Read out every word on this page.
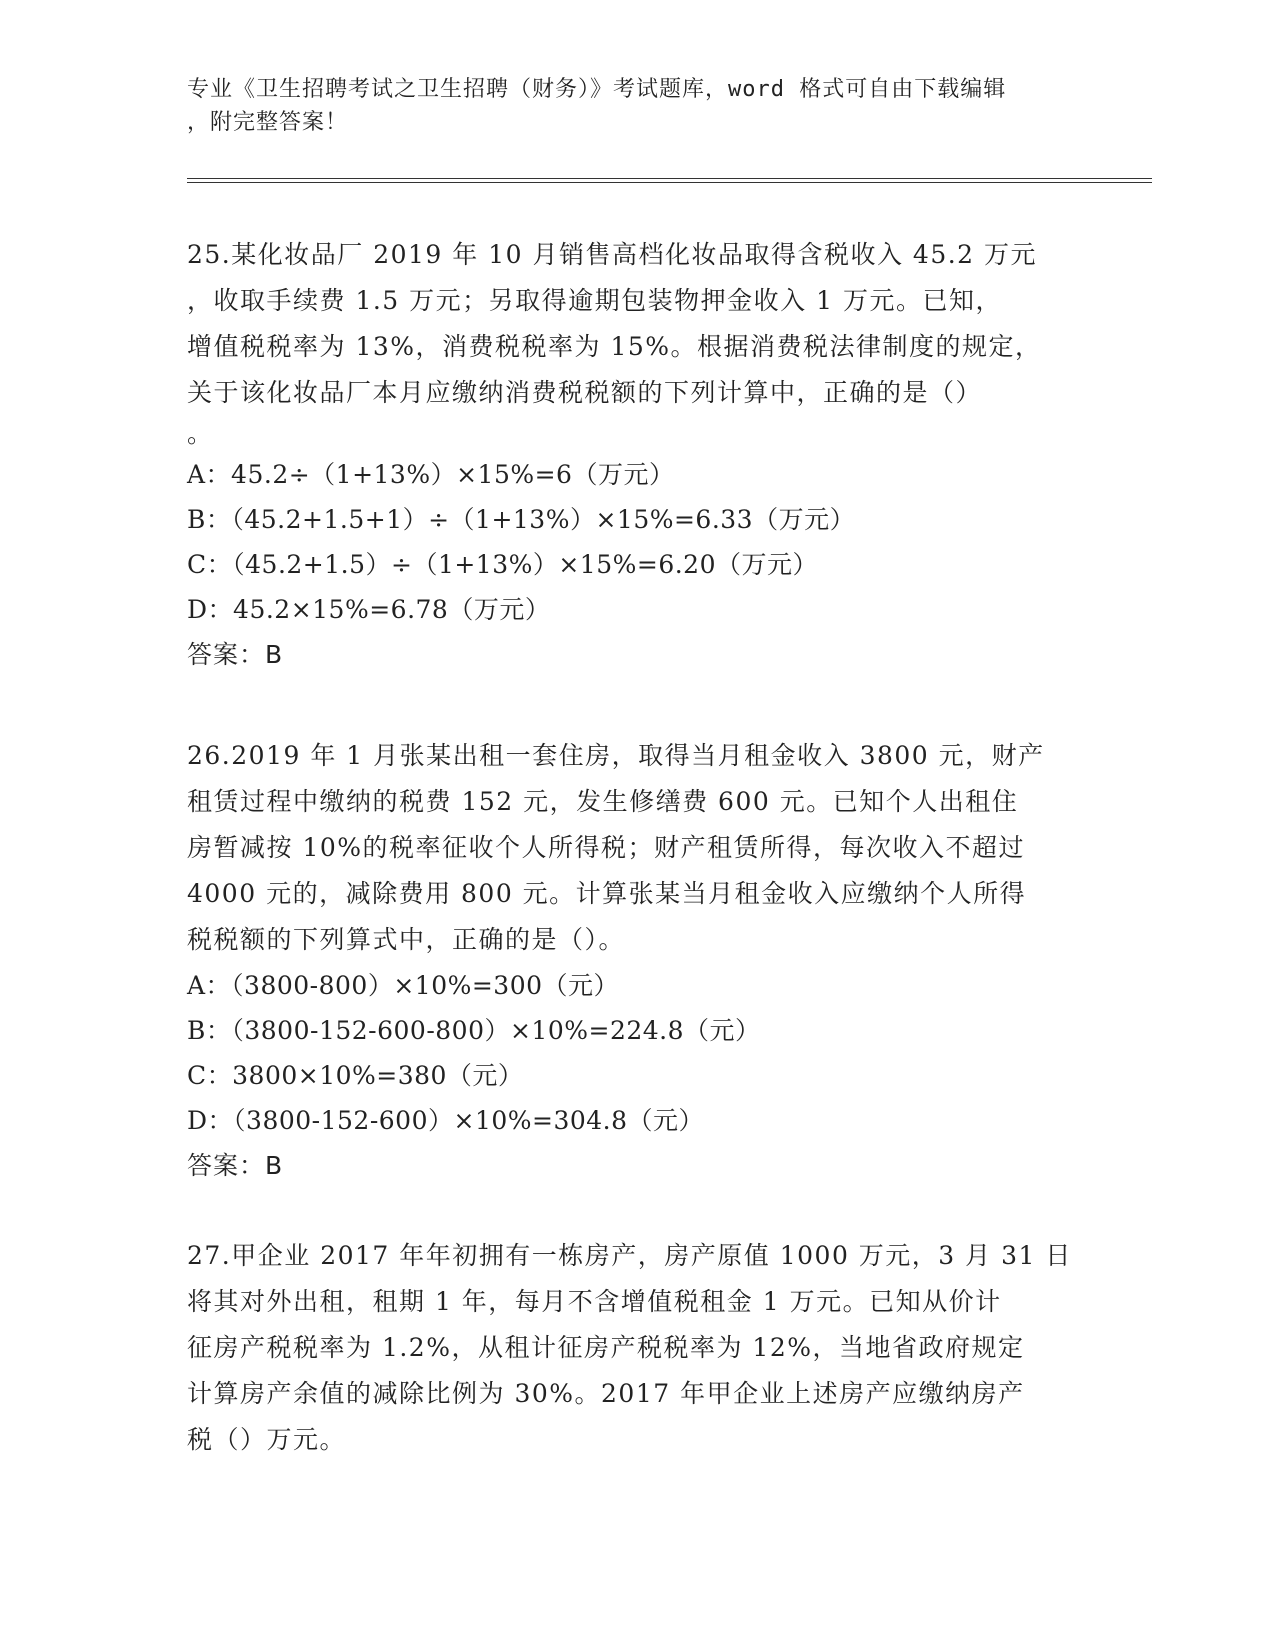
专业《卫生招聘考试之卫生招聘（财务）》考试题库，word 格式可自由下载编辑
，附完整答案！
25.某化妆品厂 2019 年 10 月销售高档化妆品取得含税收入 45.2 万元
，收取手续费 1.5 万元；另取得逾期包装物押金收入 1 万元。已知，
增值税税率为 13%，消费税税率为 15%。根据消费税法律制度的规定，
关于该化妆品厂本月应缴纳消费税税额的下列计算中，正确的是（）
。
A：45.2÷（1+13%）×15%=6（万元）
B：（45.2+1.5+1）÷（1+13%）×15%=6.33（万元）
C：（45.2+1.5）÷（1+13%）×15%=6.20（万元）
D：45.2×15%=6.78（万元）
答案：B
26.2019 年 1 月张某出租一套住房，取得当月租金收入 3800 元，财产
租赁过程中缴纳的税费 152 元，发生修缮费 600 元。已知个人出租住
房暂减按 10%的税率征收个人所得税；财产租赁所得，每次收入不超过
4000 元的，减除费用 800 元。计算张某当月租金收入应缴纳个人所得
税税额的下列算式中，正确的是（）。
A：（3800-800）×10%=300（元）
B：（3800-152-600-800）×10%=224.8（元）
C：3800×10%=380（元）
D：（3800-152-600）×10%=304.8（元）
答案：B
27.甲企业 2017 年年初拥有一栋房产，房产原值 1000 万元，3 月 31 日
将其对外出租，租期 1 年，每月不含增值税租金 1 万元。已知从价计
征房产税税率为 1.2%，从租计征房产税税率为 12%，当地省政府规定
计算房产余值的减除比例为 30%。2017 年甲企业上述房产应缴纳房产
税（）万元。
